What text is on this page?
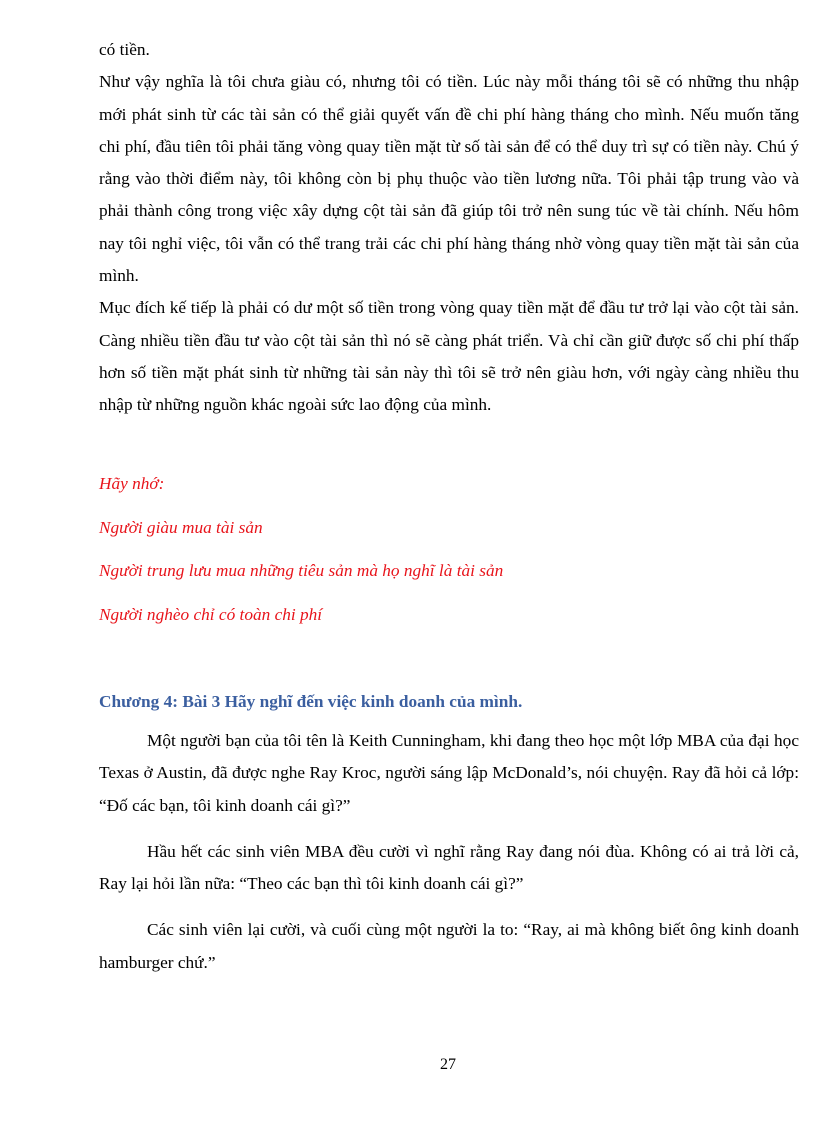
có tiền.

Như vậy nghĩa là tôi chưa giàu có, nhưng tôi có tiền. Lúc này mỗi tháng tôi sẽ có những thu nhập mới phát sinh từ các tài sản có thể giải quyết vấn đề chi phí hàng tháng cho mình. Nếu muốn tăng chi phí, đầu tiên tôi phải tăng vòng quay tiền mặt từ số tài sản để có thể duy trì sự có tiền này. Chú ý rằng vào thời điểm này, tôi không còn bị phụ thuộc vào tiền lương nữa. Tôi phải tập trung vào và phải thành công trong việc xây dựng cột tài sản đã giúp tôi trở nên sung túc về tài chính. Nếu hôm nay tôi nghỉ việc, tôi vẫn có thể trang trải các chi phí hàng tháng nhờ vòng quay tiền mặt tài sản của mình.

Mục đích kế tiếp là phải có dư một số tiền trong vòng quay tiền mặt để đầu tư trở lại vào cột tài sản. Càng nhiều tiền đầu tư vào cột tài sản thì nó sẽ càng phát triển. Và chỉ cần giữ được số chi phí thấp hơn số tiền mặt phát sinh từ những tài sản này thì tôi sẽ trở nên giàu hơn, với ngày càng nhiều thu nhập từ những nguồn khác ngoài sức lao động của mình.

Hãy nhớ:

Người giàu mua tài sản

Người trung lưu mua những tiêu sản mà họ nghĩ là tài sản

Người nghèo chỉ có toàn chi phí

Chương 4: Bài 3 Hãy nghĩ đến việc kinh doanh của mình.

Một người bạn của tôi tên là Keith Cunningham, khi đang theo học một lớp MBA của đại học Texas ở Austin, đã được nghe Ray Kroc, người sáng lập McDonald’s, nói chuyện. Ray đã hỏi cả lớp: “Đố các bạn, tôi kinh doanh cái gì?”

Hầu hết các sinh viên MBA đều cười vì nghĩ rằng Ray đang nói đùa. Không có ai trả lời cả, Ray lại hỏi lần nữa: “Theo các bạn thì tôi kinh doanh cái gì?”

Các sinh viên lại cười, và cuối cùng một người la to: “Ray, ai mà không biết ông kinh doanh hamburger chứ.”

27
